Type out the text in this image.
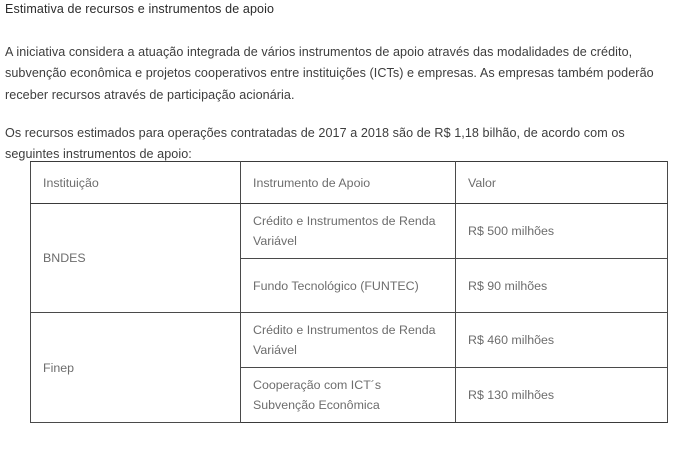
Estimativa de recursos e instrumentos de apoio

A iniciativa considera a atuação integrada de vários instrumentos de apoio através das modalidades de crédito, subvenção econômica e projetos cooperativos entre instituições (ICTs) e empresas. As empresas também poderão receber recursos através de participação acionária.

Os recursos estimados para operações contratadas de 2017 a 2018 são de R$ 1,18 bilhão, de acordo com os seguintes instrumentos de apoio:

Instituição	Instrumento de Apoio	Valor
BNDES	Crédito e Instrumentos de Renda Variável	R$ 500 milhões
	Fundo Tecnológico (FUNTEC)	R$ 90 milhões
Finep	Crédito e Instrumentos de Renda Variável	R$ 460 milhões
	Cooperação com ICT´s Subvenção Econômica	R$ 130 milhões
